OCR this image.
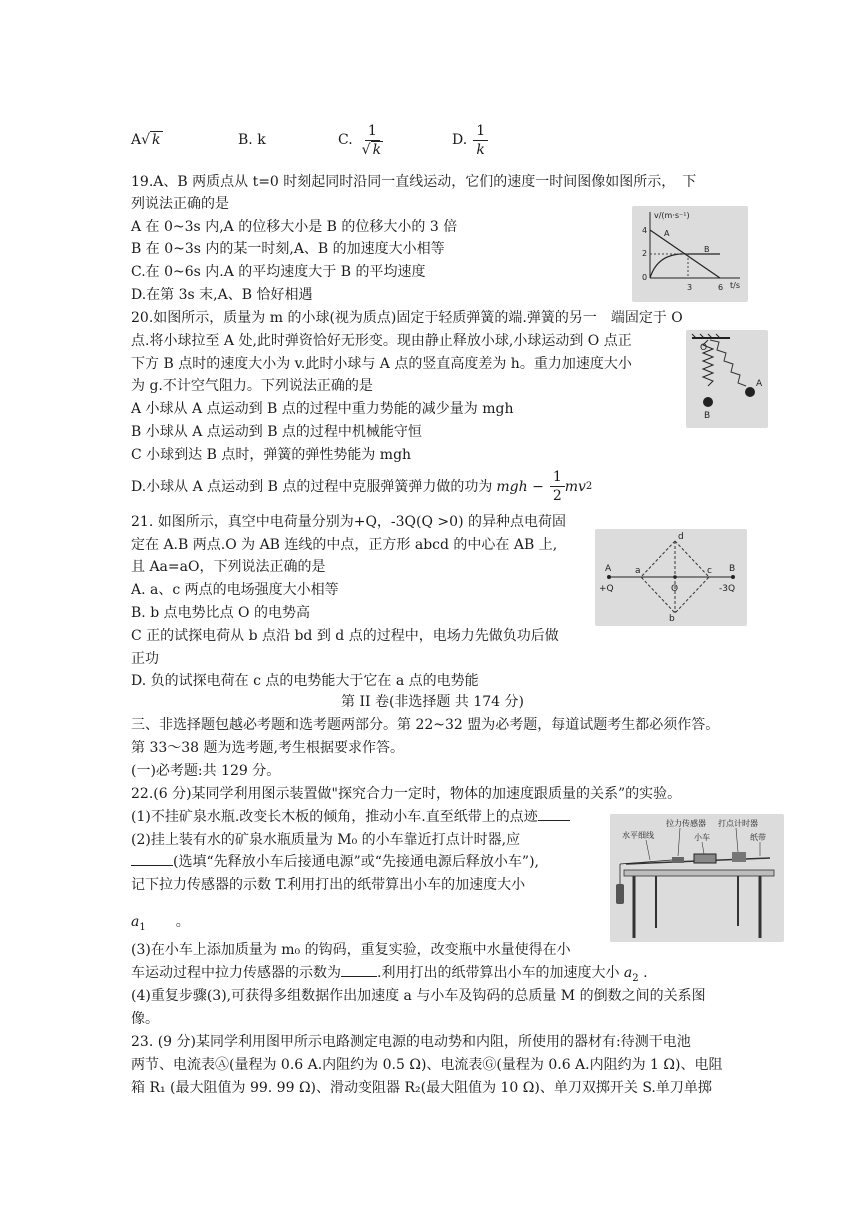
A √ k	B. k	C. $\frac{1}{√ k}$	D. $\frac{1}{k}$
19.A、B 两质点从 t=0 时刻起同时沿同一直线运动，它们的速度一时间图像如图所示，　下
列说法正确的是
A 在 0~3s 内,A 的位移大小是 B 的位移大小的 3 倍
B 在 0~3s 内的某一时刻,A、B 的加速度大小相等
C.在 0~6s 内.A 的平均速度大于 B 的平均速度
D.在第 3s 末,A、B 恰好相遇
v/(m·s⁻¹)
t/s
4
2
0
3	6
A
B
20.如图所示，质量为 m 的小球(视为质点)固定于轻质弹簧的端.弹簧的另一　端固定于 O
点.将小球拉至 A 处,此时弹资恰好无形变。现由静止释放小球,小球运动到 O 点正
下方 B 点时的速度大小为 v.此时小球与 A 点的竖直高度差为 h。重力加速度大小
为 g.不计空气阻力。下列说法正确的是
A 小球从 A 点运动到 B 点的过程中重力势能的减少量为 mgh
B 小球从 A 点运动到 B 点的过程中机械能守恒
C 小球到达 B 点时，弹簧的弹性势能为 mgh
D.小球从 A 点运动到 B 点的过程中克服弹簧弹力做的功为 mgh − $\frac{1}{2}$ mv 2
O
A
B
21. 如图所示，真空中电荷量分别为+Q，-3Q(Q >0) 的异种点电荷固
定在 A.B 两点.O 为 AB 连线的中点，正方形 abcd 的中心在 AB 上,
且 Aa=aO，下列说法正确的是
A. a、c 两点的电场强度大小相等
B. b 点电势比点 O 的电势高
C 正的试探电荷从 b 点沿 bd 到 d 点的过程中，电场力先做负功后做
正功
D. 负的试探电荷在 c 点的电势能大于它在 a 点的电势能
A
+Q
a
d
O
c
b
B
-3Q
第 II 卷(非选择题 共 174 分)
三、非选择题包越必考题和选考题两部分。第 22~32 盟为必考题，每道试题考生都必须作答。
第 33～38 题为选考题,考生根据要求作答。
(一)必考题:共 129 分。
22.(6 分)某同学利用图示装置做"探究合力一定时，物体的加速度跟质量的关系”的实验。
(1)不挂矿泉水瓶.改变长木板的倾角，推动小车.直至纸带上的点迹
(2)挂上装有水的矿泉水瓶质量为 M₀ 的小车靠近打点计时器,应
(选填“先释放小车后接通电源”或“先接通电源后释放小车”),
记下拉力传感器的示数 T.利用打出的纸带算出小车的加速度大小
$a_1$ 。
(3)在小车上添加质量为 m₀ 的钩码，重复实验，改变瓶中水量使得在小
车运动过程中拉力传感器的示数为	.利用打出的纸带算出小车的加速度大小 $a_2$ .
(4)重复步骤(3),可获得多组数据作出加速度 a 与小车及钩码的总质量 M 的倒数之间的关系图
像。
拉力传感器 打点计时器
水平细线	小车	纸带
23. (9 分)某同学利用图甲所示电路测定电源的电动势和内阻，所使用的器材有:待测干电池
两节、电流表Ⓐ(量程为 0.6 A.内阻约为 0.5 Ω)、电流表Ⓖ(量程为 0.6 A.内阻约为 1 Ω)、电阻
箱 R₁ (最大阻值为 99. 99 Ω)、滑动变阻器 R₂(最大阻值为 10 Ω)、单刀双掷开关 S.单刀单掷
